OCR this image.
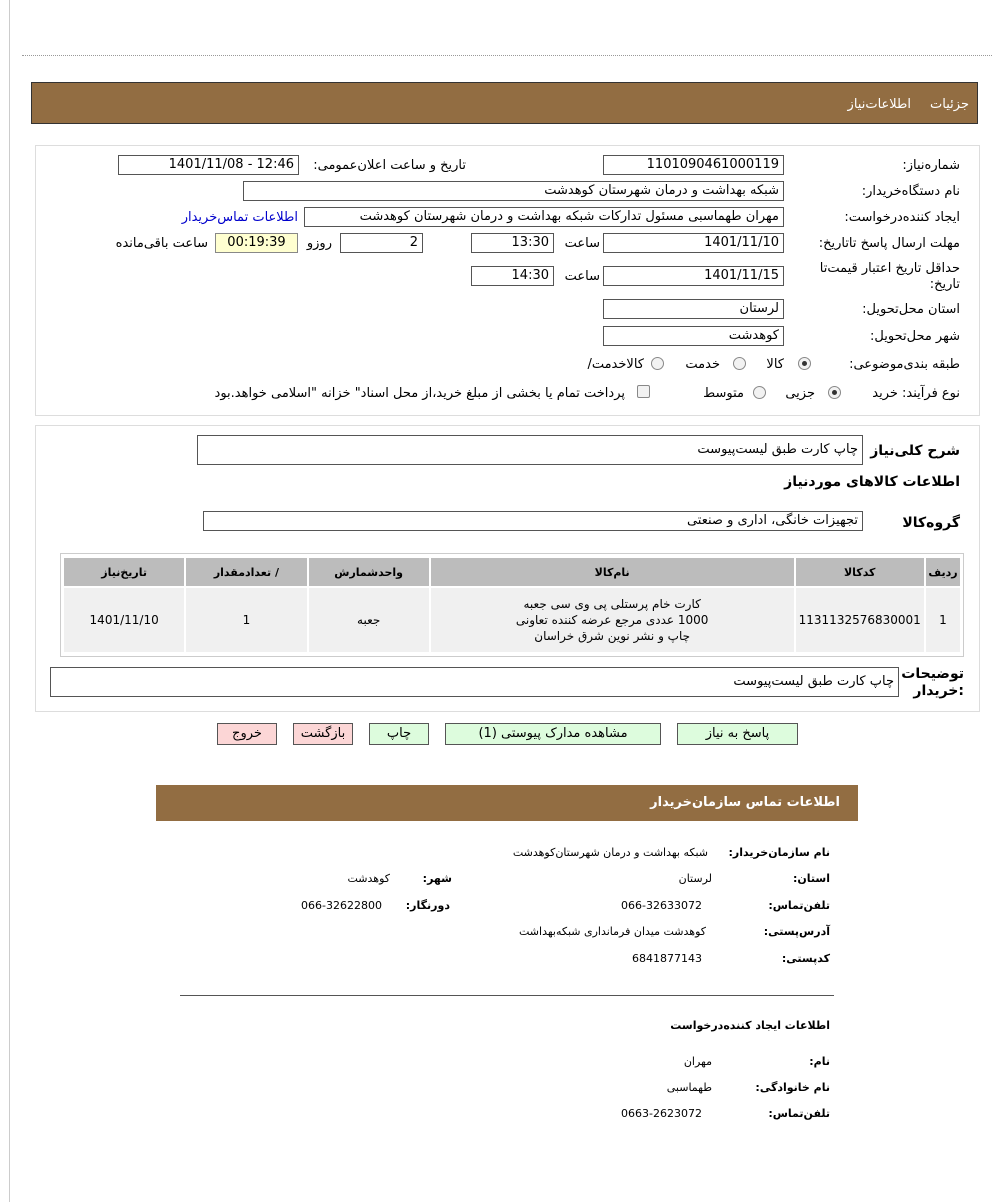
جزئیات
اطلاعات‌نیاز
شماره‌نیاز:
1101090461000119
تاریخ و ساعت اعلان‌عمومی:
1401/11/08 - 12:46
نام دستگاه‌خریدار:
شبکه بهداشت و درمان شهرستان کوهدشت
ایجاد کننده‌درخواست:
مهران طهماسبی مسئول تدارکات شبکه بهداشت و درمان شهرستان کوهدشت
اطلاعات تماس‌خریدار
مهلت ارسال پاسخ تا‌تاریخ:
1401/11/10
ساعت
13:30
2
روزو
00:19:39
ساعت باقی‌مانده
حداقل تاریخ اعتبار قیمت‌تا تاریخ:
1401/11/15
ساعت
14:30
استان محل‌تحویل:
لرستان
شهر محل‌تحویل:
کوهدشت
طبقه بندی‌موضوعی:
کالا
خدمت
کالا‌خدمت/
نوع فرآیند: خرید
جزیی
متوسط
پرداخت تمام یا بخشی از مبلغ خرید،از محل اسناد" خزانه "اسلامی خواهد.بود
شرح کلی‌نیاز
چاپ کارت طبق لیست‌پیوست
اطلاعات کالاهای موردنیاز
گروه‌کالا
تجهیزات خانگی، اداری و صنعتی
ردیف	کدکالا	نام‌کالا	واحدشمارش	/ تعدادمقدار	تاریخ‌نیاز
1	1131132576830001	کارت خام پرستلی پی وی سی جعبه 1000 عددی مرجع عرضه کننده تعاونی چاپ و نشر نوین شرق خراسان	جعبه	1	1401/11/10
توضیحات
:خریدار
چاپ کارت طبق لیست‌پیوست
پاسخ به نیاز
مشاهده مدارک پیوستی (1)
چاپ
بازگشت
خروج
اطلاعات تماس سازمان‌خریدار
نام سازمان‌خریدار:
شبکه بهداشت و درمان شهرستان‌کوهدشت
استان:
لرستان
شهر:
کوهدشت
تلفن‌تماس:
066-32633072
دورنگار:
066-32622800
آدرس‌پستی:
کوهدشت میدان فرمانداری شبکه‌بهداشت
کد‌پستی:
6841877143
اطلاعات ایجاد کننده‌درخواست
نام:
مهران
نام خانوادگی:
طهماسبی
تلفن‌تماس:
0663-2623072
